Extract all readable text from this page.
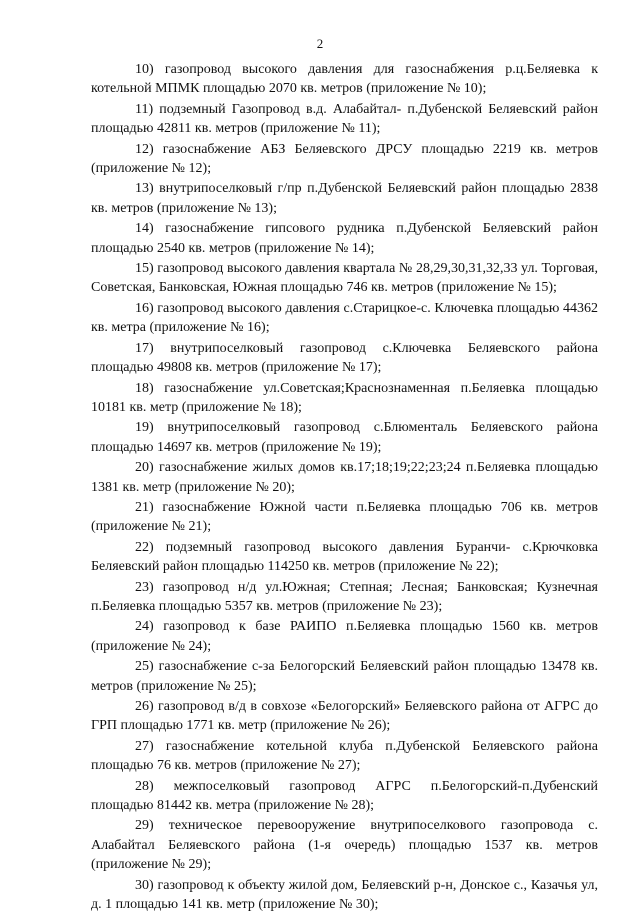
2

10) газопровод высокого давления для газоснабжения р.ц.Беляевка к котельной МПМК площадью 2070 кв. метров (приложение № 10);

11) подземный Газопровод в.д. Алабайтал- п.Дубенской Беляевский район площадью 42811 кв. метров (приложение № 11);

12) газоснабжение АБЗ Беляевского ДРСУ площадью 2219 кв. метров (приложение № 12);

13) внутрипоселковый г/пр п.Дубенской Беляевский район площадью 2838 кв. метров (приложение № 13);

14) газоснабжение гипсового рудника п.Дубенской Беляевский район площадью 2540 кв. метров (приложение № 14);

15) газопровод высокого давления квартала № 28,29,30,31,32,33 ул. Торговая, Советская, Банковская, Южная площадью 746 кв. метров (приложение № 15);

16) газопровод высокого давления с.Старицкое-с. Ключевка площадью 44362 кв. метра (приложение № 16);

17) внутрипоселковый газопровод с.Ключевка Беляевского района площадью 49808 кв. метров (приложение № 17);

18) газоснабжение ул.Советская;Краснознаменная п.Беляевка площадью 10181 кв. метр (приложение № 18);

19) внутрипоселковый газопровод с.Блюменталь Беляевского района площадью 14697 кв. метров (приложение № 19);

20) газоснабжение жилых домов кв.17;18;19;22;23;24 п.Беляевка площадью 1381 кв. метр (приложение № 20);

21) газоснабжение Южной части п.Беляевка площадью 706 кв. метров (приложение № 21);

22) подземный газопровод высокого давления Буранчи- с.Крючковка Беляевский район площадью 114250 кв. метров (приложение № 22);

23) газопровод н/д ул.Южная; Степная; Лесная; Банковская; Кузнечная п.Беляевка площадью 5357 кв. метров (приложение № 23);

24) газопровод к базе РАИПО п.Беляевка площадью 1560 кв. метров (приложение № 24);

25) газоснабжение с-за Белогорский Беляевский район площадью 13478 кв. метров (приложение № 25);

26) газопровод в/д в совхозе «Белогорский» Беляевского района от АГРС до ГРП площадью 1771 кв. метр (приложение № 26);

27) газоснабжение котельной клуба п.Дубенской Беляевского района площадью 76 кв. метров (приложение № 27);

28) межпоселковый газопровод АГРС п.Белогорский-п.Дубенский площадью 81442 кв. метра (приложение № 28);

29) техническое перевооружение внутрипоселкового газопровода с. Алабайтал Беляевского района (1-я очередь) площадью 1537 кв. метров (приложение № 29);

30) газопровод к объекту жилой дом, Беляевский р-н, Донское с., Казачья ул, д. 1 площадью 141 кв. метр (приложение № 30);
